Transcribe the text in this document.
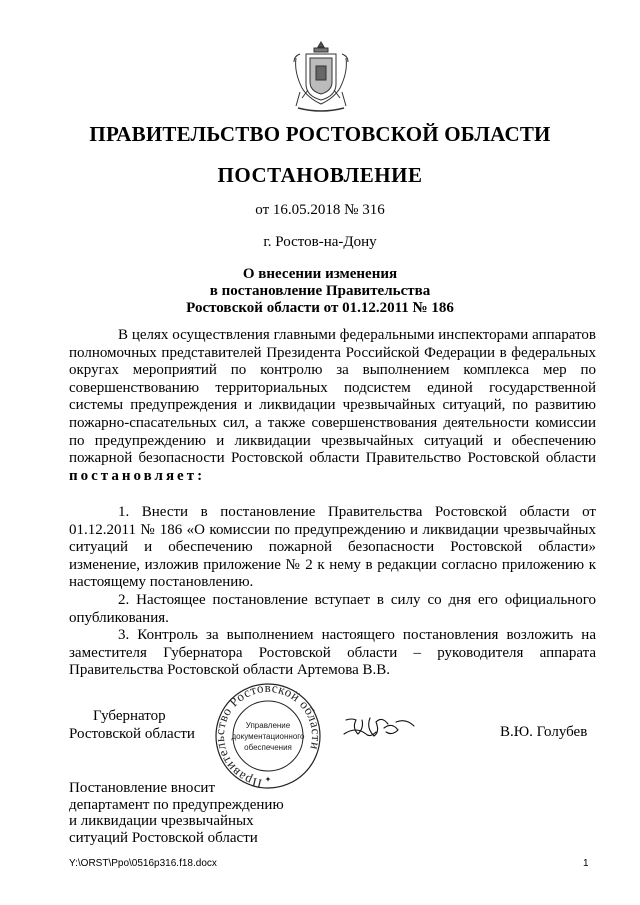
ПРАВИТЕЛЬСТВО РОСТОВСКОЙ ОБЛАСТИ
ПОСТАНОВЛЕНИЕ
от 16.05.2018 № 316
г. Ростов-на-Дону
О внесении изменения
в постановление Правительства
Ростовской области от 01.12.2011 № 186

В целях осуществления главными федеральными инспекторами аппаратов полномочных представителей Президента Российской Федерации в федеральных округах мероприятий по контролю за выполнением комплекса мер по совершенствованию территориальных подсистем единой государственной системы предупреждения и ликвидации чрезвычайных ситуаций, по развитию пожарно-спасательных сил, а также совершенствования деятельности комиссии по предупреждению и ликвидации чрезвычайных ситуаций и обеспечению пожарной безопасности Ростовской области Правительство Ростовской области постановляет:

1. Внести в постановление Правительства Ростовской области от 01.12.2011 № 186 «О комиссии по предупреждению и ликвидации чрезвычайных ситуаций и обеспечению пожарной безопасности Ростовской области» изменение, изложив приложение № 2 к нему в редакции согласно приложению к настоящему постановлению.

2. Настоящее постановление вступает в силу со дня его официального опубликования.

3. Контроль за выполнением настоящего постановления возложить на заместителя Губернатора Ростовской области – руководителя аппарата Правительства Ростовской области Артемова В.В.

Губернатор
Ростовской области
Правительство Ростовской области
Управление
документационного
обеспечения
✦
В.Ю. Голубев
Постановление вносит
департамент по предупреждению
и ликвидации чрезвычайных
ситуаций Ростовской области
Y:\ORST\Ppo\0516p316.f18.docx	1
